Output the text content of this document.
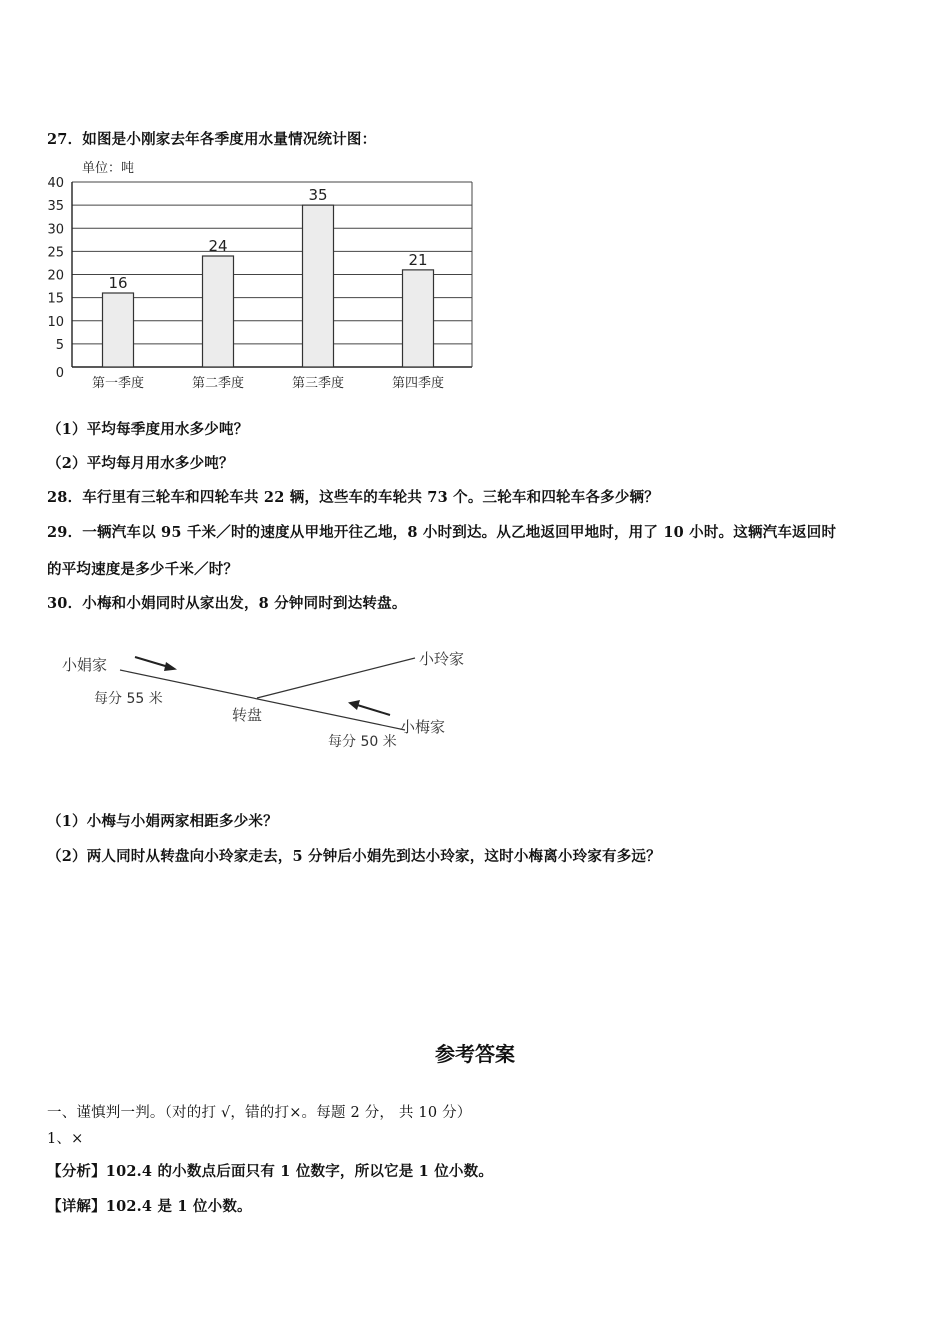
27．如图是小刚家去年各季度用水量情况统计图：
单位：吨
0
5
10
15
20
25
30
35
40
16
24
35
21
第一季度	第二季度	第三季度	第四季度
（1）平均每季度用水多少吨？
（2）平均每月用水多少吨？
28．车行里有三轮车和四轮车共 22 辆，这些车的车轮共 73 个。三轮车和四轮车各多少辆？
29．一辆汽车以 95 千米／时的速度从甲地开往乙地，8 小时到达。从乙地返回甲地时，用了 10 小时。这辆汽车返回时
的平均速度是多少千米／时？
30．小梅和小娟同时从家出发，8 分钟同时到达转盘。
小娟家
每分 55 米
转盘
小玲家
小梅家
每分 50 米
（1）小梅与小娟两家相距多少米？
（2）两人同时从转盘向小玲家走去，5 分钟后小娟先到达小玲家，这时小梅离小玲家有多远？
参考答案
一、谨慎判一判。（对的打 √，错的打×。每题 2 分， 共 10 分）
1、×
【分析】102.4 的小数点后面只有 1 位数字，所以它是 1 位小数。
【详解】102.4 是 1 位小数。
